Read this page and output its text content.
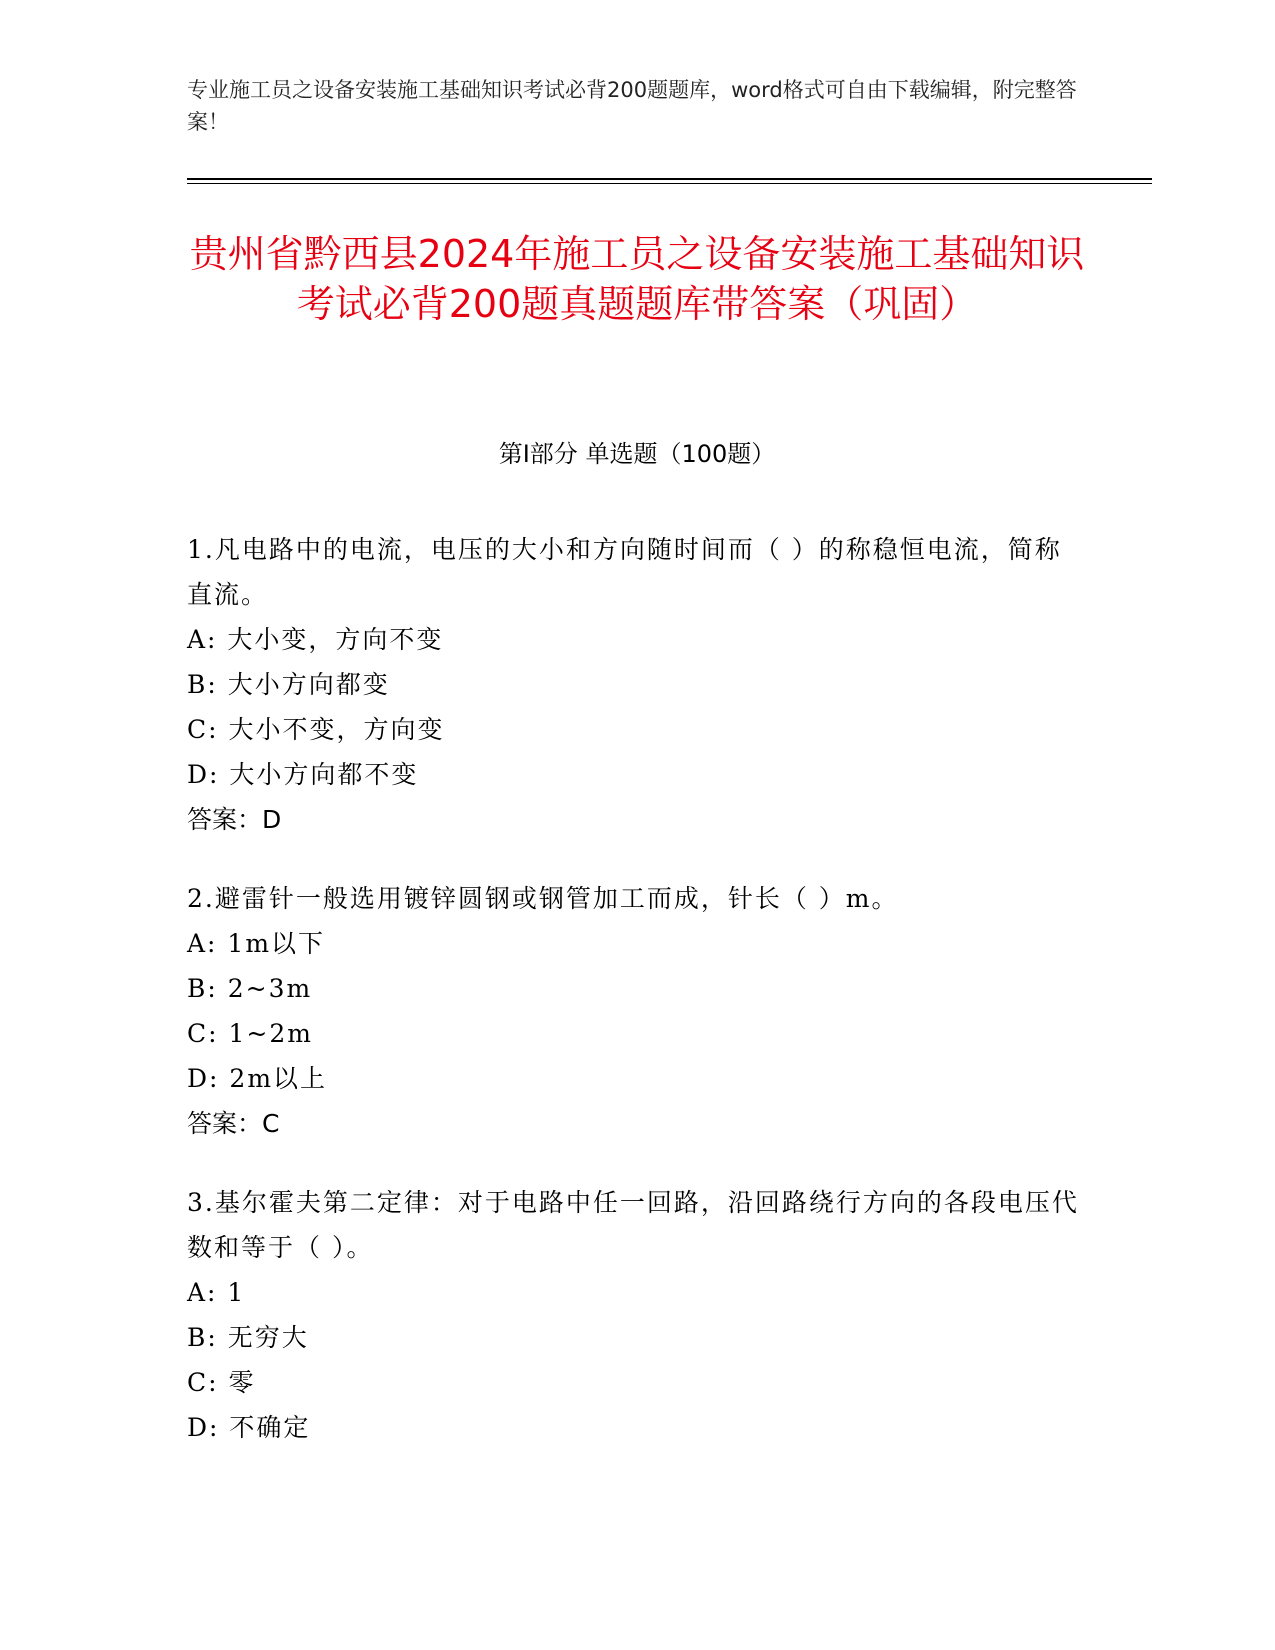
专业施工员之设备安装施工基础知识考试必背200题题库，word格式可自由下载编辑，附完整答案！
贵州省黔西县2024年施工员之设备安装施工基础知识考试必背200题真题题库带答案（巩固）
第I部分 单选题（100题）
1.凡电路中的电流，电压的大小和方向随时间而（ ）的称稳恒电流，简称直流。
A: 大小变，方向不变
B: 大小方向都变
C: 大小不变，方向变
D: 大小方向都不变
答案：D
2.避雷针一般选用镀锌圆钢或钢管加工而成，针长（ ）m。
A: 1m以下
B: 2~3m
C: 1~2m
D: 2m以上
答案：C
3.基尔霍夫第二定律：对于电路中任一回路，沿回路绕行方向的各段电压代数和等于（ ）。
A: 1
B: 无穷大
C: 零
D: 不确定
